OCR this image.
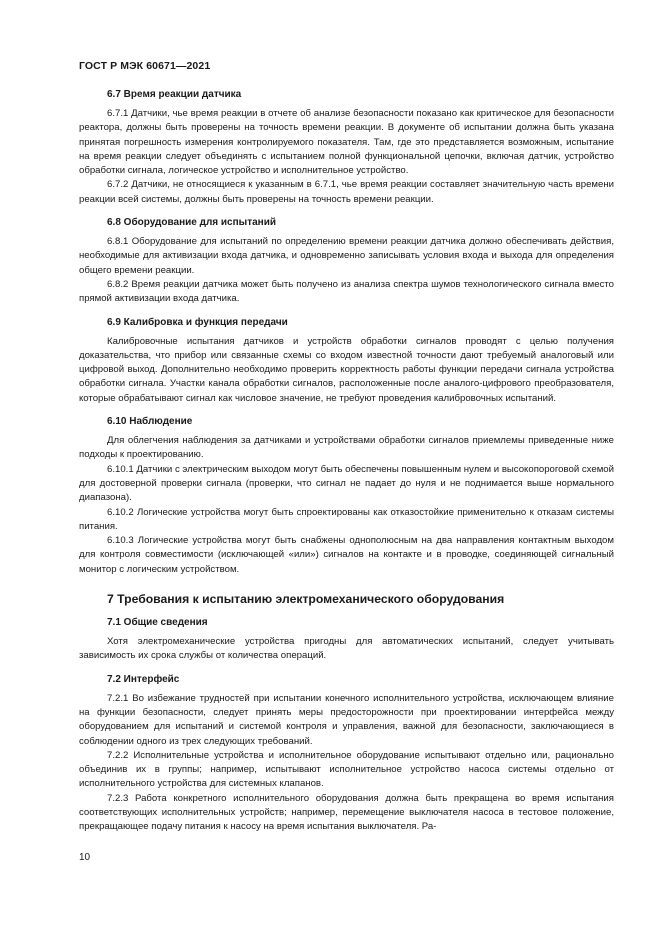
ГОСТ Р МЭК 60671—2021
6.7 Время реакции датчика

6.7.1 Датчики, чье время реакции в отчете об анализе безопасности показано как критическое для безопасности реактора, должны быть проверены на точность времени реакции. В документе об испытании должна быть указана принятая погрешность измерения контролируемого показателя. Там, где это представляется возможным, испытание на время реакции следует объединять с испытанием полной функциональной цепочки, включая датчик, устройство обработки сигнала, логическое устройство и исполнительное устройство.

6.7.2 Датчики, не относящиеся к указанным в 6.7.1, чье время реакции составляет значительную часть времени реакции всей системы, должны быть проверены на точность времени реакции.

6.8 Оборудование для испытаний

6.8.1 Оборудование для испытаний по определению времени реакции датчика должно обеспечивать действия, необходимые для активизации входа датчика, и одновременно записывать условия входа и выхода для определения общего времени реакции.

6.8.2 Время реакции датчика может быть получено из анализа спектра шумов технологического сигнала вместо прямой активизации входа датчика.

6.9 Калибровка и функция передачи

Калибровочные испытания датчиков и устройств обработки сигналов проводят с целью получения доказательства, что прибор или связанные схемы со входом известной точности дают требуемый аналоговый или цифровой выход. Дополнительно необходимо проверить корректность работы функции передачи сигнала устройства обработки сигнала. Участки канала обработки сигналов, расположенные после аналого-цифрового преобразователя, которые обрабатывают сигнал как числовое значение, не требуют проведения калибровочных испытаний.

6.10 Наблюдение

Для облегчения наблюдения за датчиками и устройствами обработки сигналов приемлемы приведенные ниже подходы к проектированию.

6.10.1 Датчики с электрическим выходом могут быть обеспечены повышенным нулем и высокопороговой схемой для достоверной проверки сигнала (проверки, что сигнал не падает до нуля и не поднимается выше нормального диапазона).

6.10.2 Логические устройства могут быть спроектированы как отказостойкие применительно к отказам системы питания.

6.10.3 Логические устройства могут быть снабжены однополюсным на два направления контактным выходом для контроля совместимости (исключающей «или») сигналов на контакте и в проводке, соединяющей сигнальный монитор с логическим устройством.

7 Требования к испытанию электромеханического оборудования
7.1 Общие сведения

Хотя электромеханические устройства пригодны для автоматических испытаний, следует учитывать зависимость их срока службы от количества операций.

7.2 Интерфейс

7.2.1 Во избежание трудностей при испытании конечного исполнительного устройства, исключающем влияние на функции безопасности, следует принять меры предосторожности при проектировании интерфейса между оборудованием для испытаний и системой контроля и управления, важной для безопасности, заключающиеся в соблюдении одного из трех следующих требований.

7.2.2 Исполнительные устройства и исполнительное оборудование испытывают отдельно или, рационально объединив их в группы; например, испытывают исполнительное устройство насоса системы отдельно от исполнительного устройства для системных клапанов.

7.2.3 Работа конкретного исполнительного оборудования должна быть прекращена во время испытания соответствующих исполнительных устройств; например, перемещение выключателя насоса в тестовое положение, прекращающее подачу питания к насосу на время испытания выключателя. Ра-

10
